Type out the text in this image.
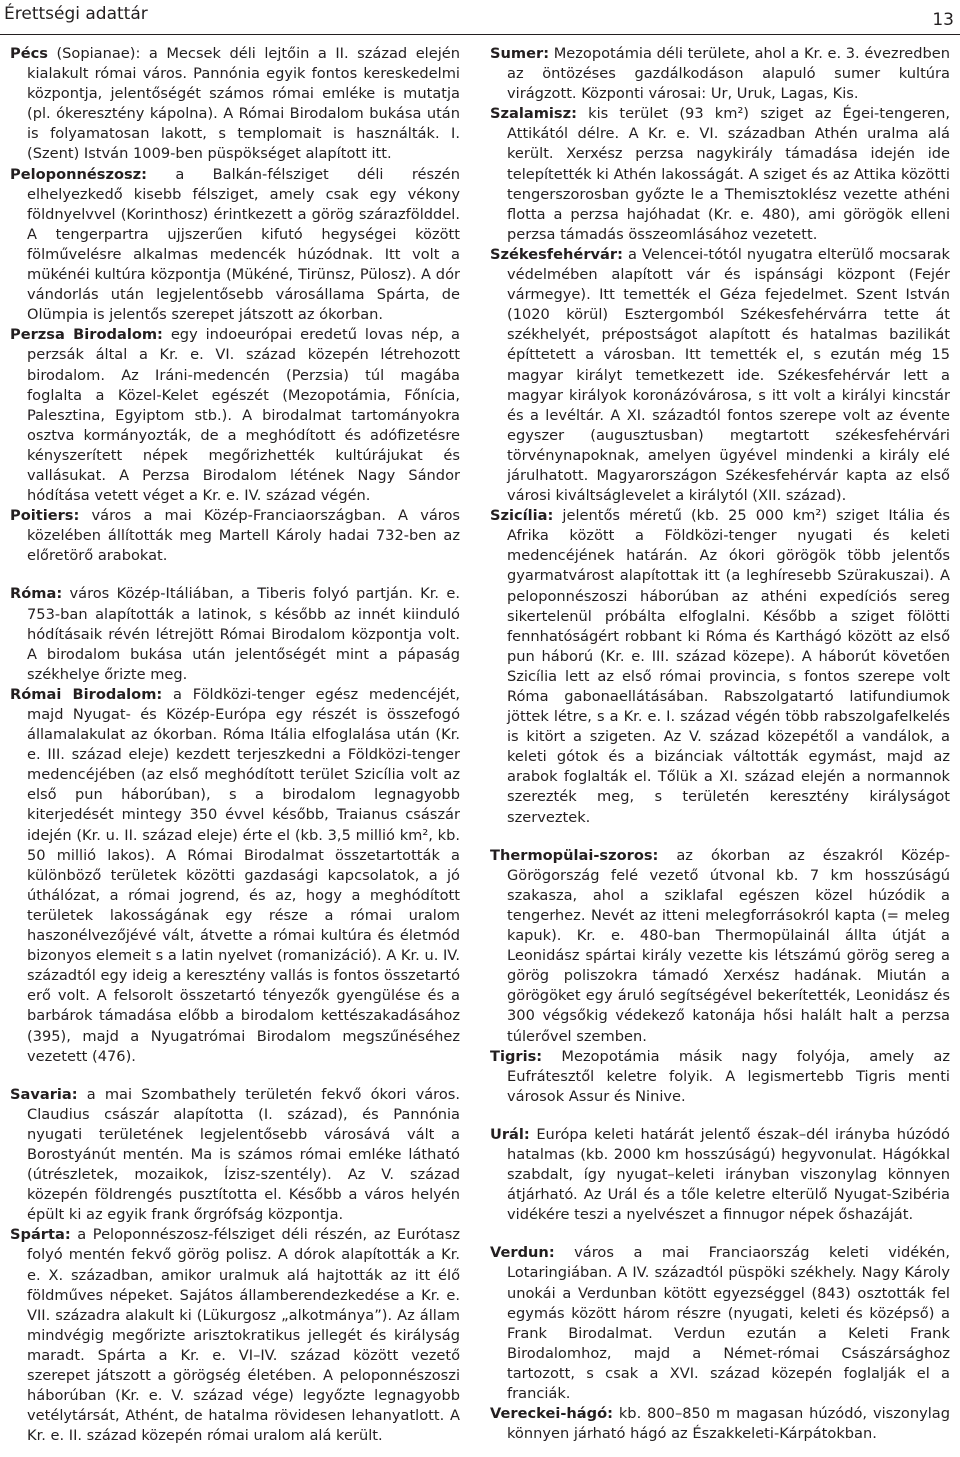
Érettségi adattár	13

Pécs (Sopianae): a Mecsek déli lejtőin a II. század elején kialakult római város. Pannónia egyik fontos kereskedelmi központja, jelentőségét számos római emléke is mutatja (pl. ókeresztény kápolna). A Római Birodalom bukása után is folyamatosan lakott, s templomait is használták. I. (Szent) István 1009-ben püspökséget alapított itt.

Peloponnészosz: a Balkán-félsziget déli részén elhelyezkedő kisebb félsziget, amely csak egy vékony földnyelvvel (Korinthosz) érintkezett a görög szárazfölddel. A tengerpartra ujjszerűen kifutó hegységei között fölművelésre alkalmas medencék húzódnak. Itt volt a mükénéi kultúra központja (Mükéné, Tirünsz, Pülosz). A dór vándorlás után legjelentősebb városállama Spárta, de Olümpia is jelentős szerepet játszott az ókorban.

Perzsa Birodalom: egy indoeurópai eredetű lovas nép, a perzsák által a Kr. e. VI. század közepén létrehozott birodalom. Az Iráni-medencén (Perzsia) túl magába foglalta a Közel-Kelet egészét (Mezopotámia, Főnícia, Palesztina, Egyiptom stb.). A birodalmat tartományokra osztva kormányozták, de a meghódított és adófizetésre kényszerített népek megőrizhették kultúrájukat és vallásukat. A Perzsa Birodalom létének Nagy Sándor hódítása vetett véget a Kr. e. IV. század végén.

Poitiers: város a mai Közép-Franciaországban. A város közelében állították meg Martell Károly hadai 732-ben az előretörő arabokat.

Róma: város Közép-Itáliában, a Tiberis folyó partján. Kr. e. 753-ban alapították a latinok, s később az innét kiinduló hódításaik révén létrejött Római Birodalom központja volt. A birodalom bukása után jelentőségét mint a pápaság székhelye őrizte meg.

Római Birodalom: a Földközi-tenger egész medencéjét, majd Nyugat- és Közép-Európa egy részét is összefogó államalakulat az ókorban. Róma Itália elfoglalása után (Kr. e. III. század eleje) kezdett terjeszkedni a Földközi-tenger medencéjében (az első meghódított terület Szicília volt az első pun háborúban), s a birodalom legnagyobb kiterjedését mintegy 350 évvel később, Traianus császár idején (Kr. u. II. század eleje) érte el (kb. 3,5 millió km², kb. 50 millió lakos). A Római Birodalmat összetartották a különböző területek közötti gazdasági kapcsolatok, a jó úthálózat, a római jogrend, és az, hogy a meghódított területek lakosságának egy része a római uralom haszonélvezőjévé vált, átvette a római kultúra és életmód bizonyos elemeit s a latin nyelvet (romanizáció). A Kr. u. IV. századtól egy ideig a keresztény vallás is fontos összetartó erő volt. A felsorolt összetartó tényezők gyengülése és a barbárok támadása előbb a birodalom kettészakadásához (395), majd a Nyugatrómai Birodalom megszűnéséhez vezetett (476).

Savaria: a mai Szombathely területén fekvő ókori város. Claudius császár alapította (I. század), és Pannónia nyugati területének legjelentősebb városává vált a Borostyánút mentén. Ma is számos római emléke látható (útrészletek, mozaikok, Ízisz-szentély). Az V. század közepén földrengés pusztította el. Később a város helyén épült ki az egyik frank őrgrófság központja.

Spárta: a Peloponnészosz-félsziget déli részén, az Eurótasz folyó mentén fekvő görög polisz. A dórok alapították a Kr. e. X. században, amikor uralmuk alá hajtották az itt élő földműves népeket. Sajátos államberendezkedése a Kr. e. VII. századra alakult ki (Lükurgosz „alkotmánya”). Az állam mindvégig megőrizte arisztokratikus jellegét és királyság maradt. Spárta a Kr. e. VI–IV. század között vezető szerepet játszott a görögség életében. A peloponnészoszi háborúban (Kr. e. V. század vége) legyőzte legnagyobb vetélytársát, Athént, de hatalma rövidesen lehanyatlott. A Kr. e. II. század közepén római uralom alá került.

Sumer: Mezopotámia déli területe, ahol a Kr. e. 3. évezredben az öntözéses gazdálkodáson alapuló sumer kultúra virágzott. Központi városai: Ur, Uruk, Lagas, Kis.

Szalamisz: kis terület (93 km²) sziget az Égei-tengeren, Attikától délre. A Kr. e. VI. században Athén uralma alá került. Xerxész perzsa nagykirály támadása idején ide telepítették ki Athén lakosságát. A sziget és az Attika közötti tengerszorosban győzte le a Themisztoklész vezette athéni flotta a perzsa hajóhadat (Kr. e. 480), ami görögök elleni perzsa támadás összeomlásához vezetett.

Székesfehérvár: a Velencei-tótól nyugatra elterülő mocsarak védelmében alapított vár és ispánsági központ (Fejér vármegye). Itt temették el Géza fejedelmet. Szent István (1020 körül) Esztergomból Székesfehérvárra tette át székhelyét, prépostságot alapított és hatalmas bazilikát építtetett a városban. Itt temették el, s ezután még 15 magyar királyt temetkezett ide. Székesfehérvár lett a magyar királyok koronázóvárosa, s itt volt a királyi kincstár és a levéltár. A XI. századtól fontos szerepe volt az évente egyszer (augusztusban) megtartott székesfehérvári törvénynapoknak, amelyen ügyével mindenki a király elé járulhatott. Magyarországon Székesfehérvár kapta az első városi kiváltságlevelet a királytól (XII. század).

Szicília: jelentős méretű (kb. 25 000 km²) sziget Itália és Afrika között a Földközi-tenger nyugati és keleti medencéjének határán. Az ókori görögök több jelentős gyarmatvárost alapítottak itt (a leghíresebb Szürakuszai). A peloponnészoszi háborúban az athéni expedíciós sereg sikertelenül próbálta elfoglalni. Később a sziget fölötti fennhatóságért robbant ki Róma és Karthágó között az első pun háború (Kr. e. III. század közepe). A háborút követően Szicília lett az első római provincia, s fontos szerepe volt Róma gabonaellátásában. Rabszolgatartó latifundiumok jöttek létre, s a Kr. e. I. század végén több rabszolgafelkelés is kitört a szigeten. Az V. század közepétől a vandálok, a keleti gótok és a bizánciak váltották egymást, majd az arabok foglalták el. Tőlük a XI. század elején a normannok szerezték meg, s területén keresztény királyságot szerveztek.

Thermopülai-szoros: az ókorban az északról Közép-Görögország felé vezető útvonal kb. 7 km hosszúságú szakasza, ahol a sziklafal egészen közel húzódik a tengerhez. Nevét az itteni melegforrásokról kapta (= meleg kapuk). Kr. e. 480-ban Thermopülainál állta útját a Leonidász spártai király vezette kis létszámú görög sereg a görög poliszokra támadó Xerxész hadának. Miután a görögöket egy áruló segítségével bekerítették, Leonidász és 300 végsőkig védekező katonája hősi halált halt a perzsa túlerővel szemben.

Tigris: Mezopotámia másik nagy folyója, amely az Eufrátesztől keletre folyik. A legismertebb Tigris menti városok Assur és Ninive.

Urál: Európa keleti határát jelentő észak–dél irányba húzódó hatalmas (kb. 2000 km hosszúságú) hegyvonulat. Hágókkal szabdalt, így nyugat–keleti irányban viszonylag könnyen átjárható. Az Urál és a tőle keletre elterülő Nyugat-Szibéria vidékére teszi a nyelvészet a finnugor népek őshazáját.

Verdun: város a mai Franciaország keleti vidékén, Lotaringiában. A IV. századtól püspöki székhely. Nagy Károly unokái a Verdunban kötött egyezséggel (843) osztották fel egymás között három részre (nyugati, keleti és középső) a Frank Birodalmat. Verdun ezután a Keleti Frank Birodalomhoz, majd a Német-római Császársághoz tartozott, s csak a XVI. század közepén foglalják el a franciák.

Vereckei-hágó: kb. 800–850 m magasan húzódó, viszonylag könnyen járható hágó az Északkeleti-Kárpátokban.
